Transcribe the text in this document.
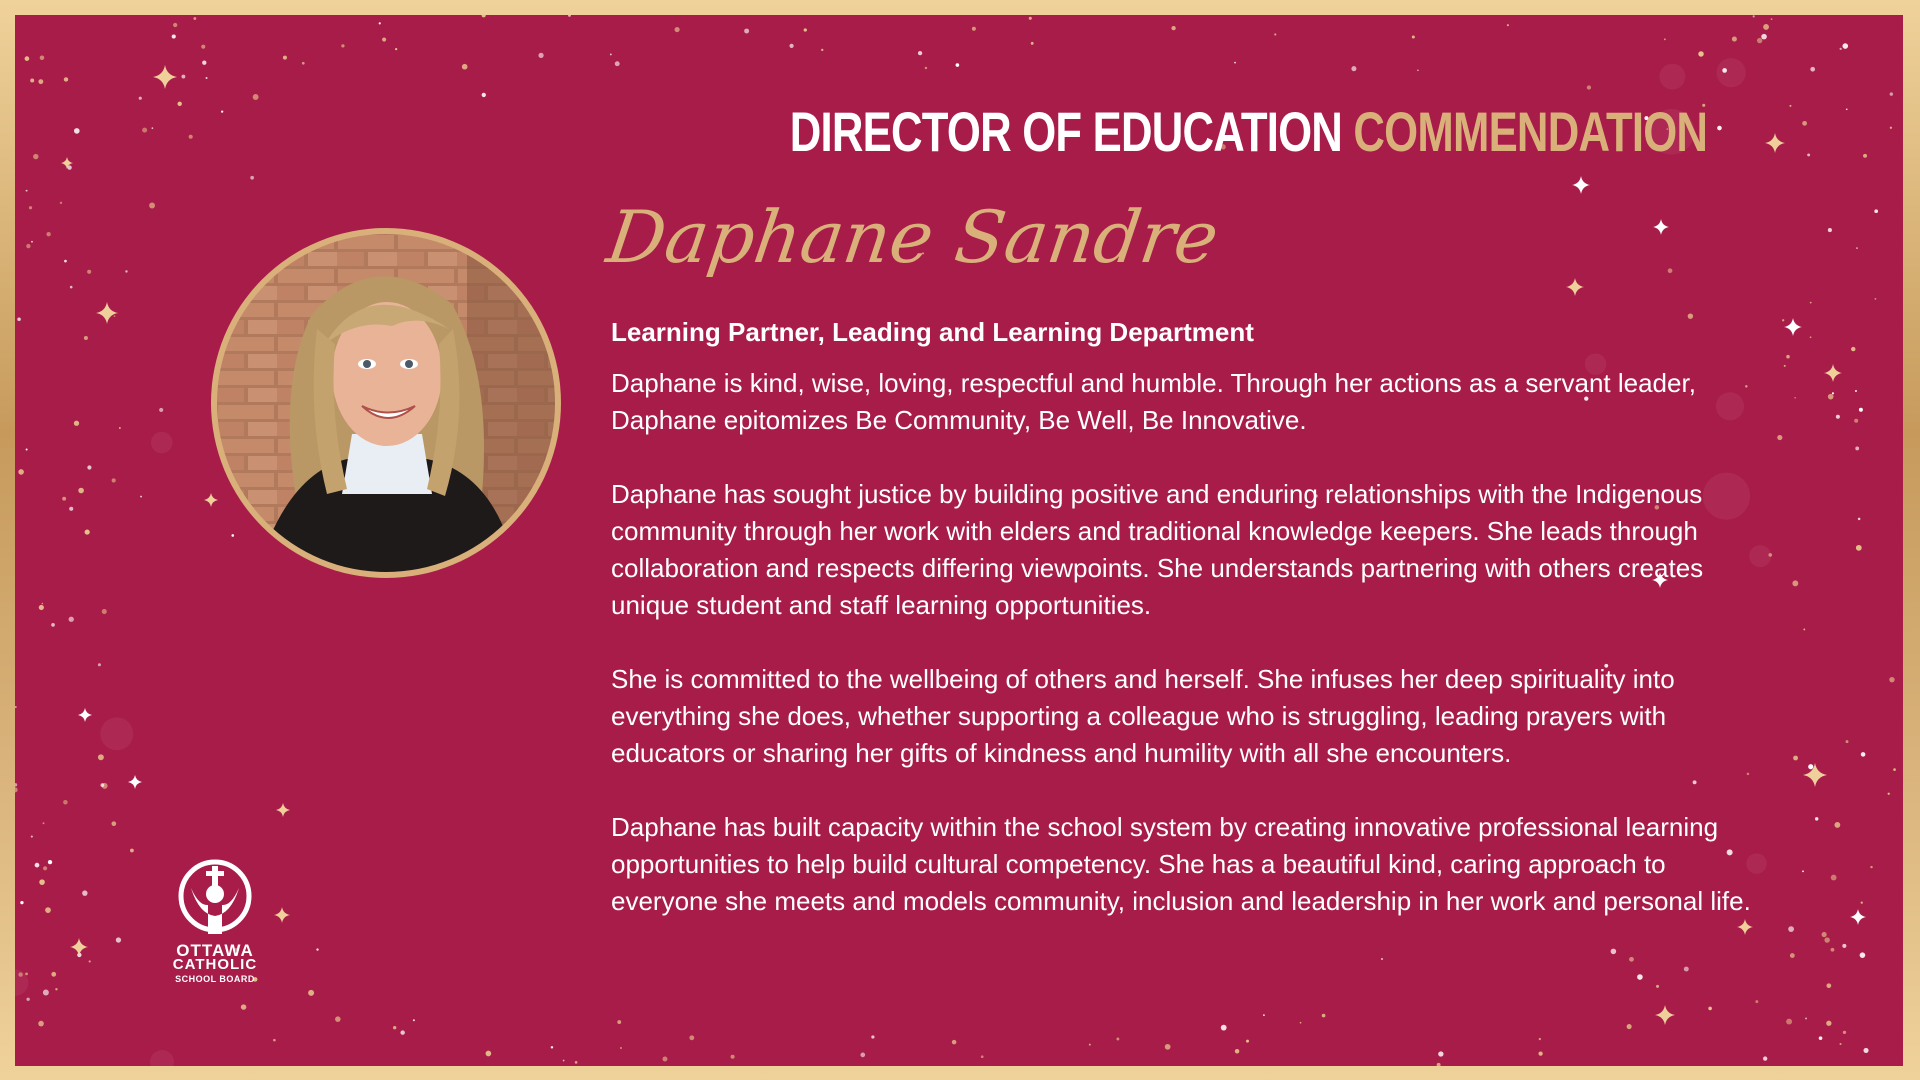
DIRECTOR OF EDUCATION COMMENDATION
Daphane Sandre
Learning Partner, Leading and Learning Department

Daphane is kind, wise, loving, respectful and humble. Through her actions as a servant leader, Daphane epitomizes Be Community, Be Well, Be Innovative.

Daphane has sought justice by building positive and enduring relationships with the Indigenous community through her work with elders and traditional knowledge keepers. She leads through collaboration and respects differing viewpoints. She understands partnering with others creates unique student and staff learning opportunities.

She is committed to the wellbeing of others and herself. She infuses her deep spirituality into everything she does, whether supporting a colleague who is struggling, leading prayers with educators or sharing her gifts of kindness and humility with all she encounters.

Daphane has built capacity within the school system by creating innovative professional learning opportunities to help build cultural competency. She has a beautiful kind, caring approach to everyone she meets and models community, inclusion and leadership in her work and personal life.

OTTAWA
CATHOLIC
SCHOOL BOARD
